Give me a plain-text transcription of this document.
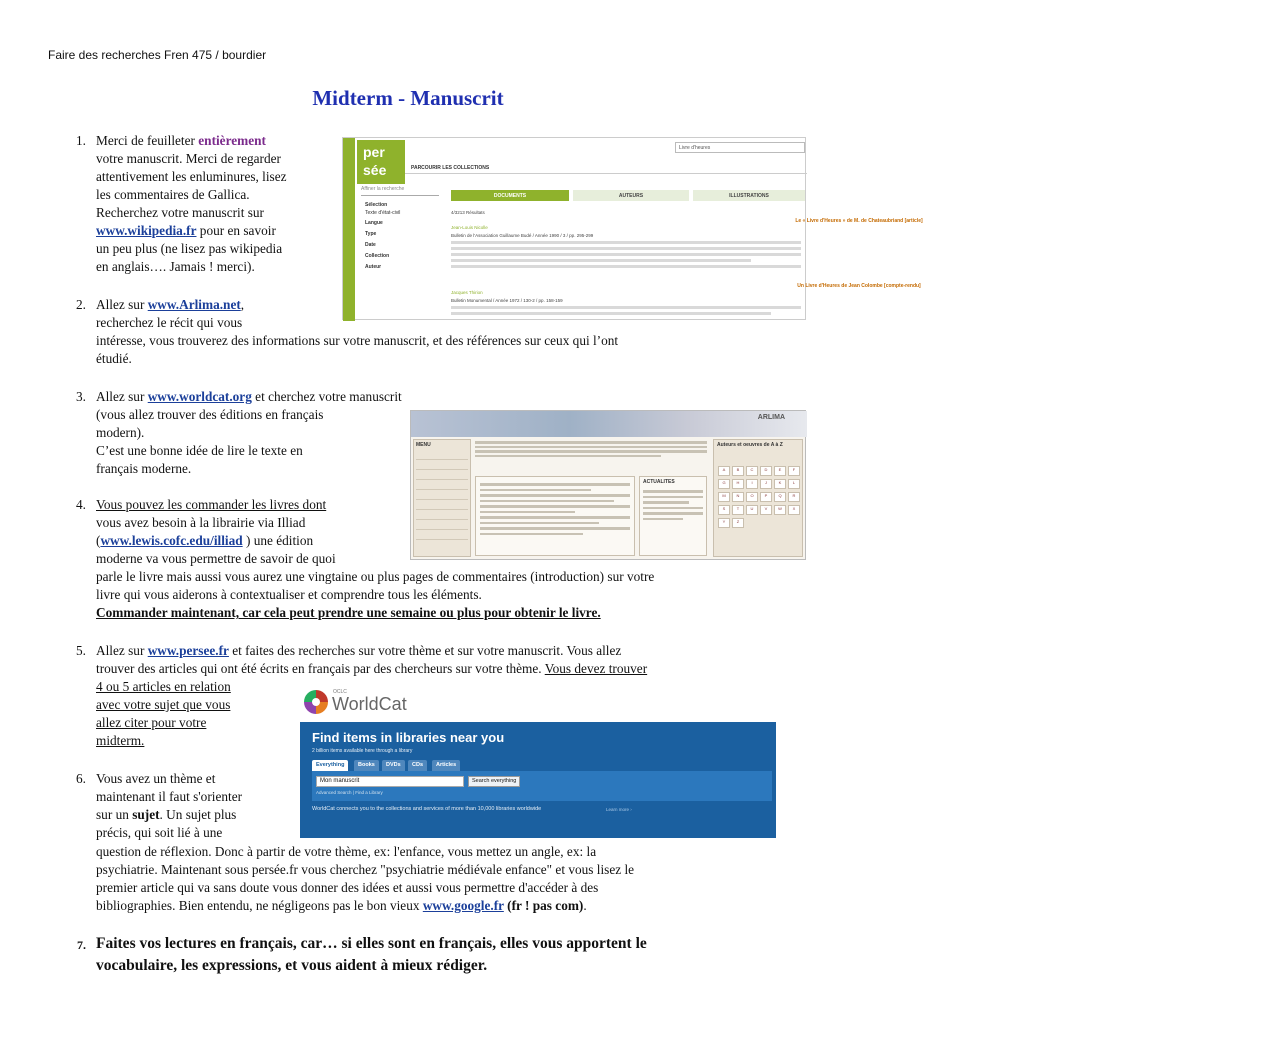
Faire des recherches Fren 475 / bourdier
Midterm - Manuscrit
1. Merci de feuilleter entièrement
votre manuscrit. Merci de regarder
attentivement les enluminures, lisez
les commentaires de Gallica.
Recherchez votre manuscrit sur
www.wikipedia.fr pour en savoir
un peu plus (ne lisez pas wikipedia
en anglais…. Jamais ! merci).
per
sée
Livre d'heures
PARCOURIR LES COLLECTIONS
Affiner la recherche
Sélection
Texte d'état-civil
Langue
Type
Date
Collection
Auteur
DOCUMENTS	AUTEURS	ILLUSTRATIONS
4/3213 Résultats
Le « Livre d'Heures » de M. de Chateaubriand [article]
Jean-Louis Nicolle
Bulletin de l'Association Guillaume Budé / Année 1990 / 3 / pp. 295-299
Un Livre d'Heures de Jean Colombe [compte-rendu]
Jacques Thirion
Bulletin Monumental / Année 1972 / 130-2 / pp. 158-159
2. Allez sur www.Arlima.net,
recherchez le récit qui vous
intéresse, vous trouverez des informations sur votre manuscrit, et des références sur ceux qui l’ont
étudié.
3. Allez sur www.worldcat.org et cherchez votre manuscrit
(vous allez trouver des éditions en français
modern).
C’est une bonne idée de lire le texte en
français moderne.
ARLIMA
MENU
ACTUALITES
Auteurs et oeuvres de A à Z
A	B	C	D	E	F
G	H	I	J	K	L
M	N	O	P	Q	R
S	T	U	V	W	X
Y	Z
4. Vous pouvez les commander les livres dont
vous avez besoin à la librairie via Illiad
(www.lewis.cofc.edu/illiad ) une édition
moderne va vous permettre de savoir de quoi
parle le livre mais aussi vous aurez une vingtaine ou plus pages de commentaires (introduction) sur votre
livre qui vous aiderons à contextualiser et comprendre tous les éléments.
Commander maintenant, car cela peut prendre une semaine ou plus pour obtenir le livre.
5. Allez sur www.persee.fr et faites des recherches sur votre thème et sur votre manuscrit. Vous allez
trouver des articles qui ont été écrits en français par des chercheurs sur votre thème. Vous devez trouver
4 ou 5 articles en relation
avec votre sujet que vous
allez citer pour votre
midterm.
OCLC
WorldCat
Find items in libraries near you
2 billion items available here through a library
Everything	Books	DVDs	CDs	Articles
Mon manuscrit	Search everything
Advanced Search | Find a Library
WorldCat connects you to the collections and services of more than 10,000 libraries worldwide	Learn more ›
6. Vous avez un thème et
maintenant il faut s'orienter
sur un sujet. Un sujet plus
précis, qui soit lié à une
question de réflexion. Donc à partir de votre thème, ex: l'enfance, vous mettez un angle, ex: la
psychiatrie. Maintenant sous persée.fr vous cherchez "psychiatrie médiévale enfance" et vous lisez le
premier article qui va sans doute vous donner des idées et aussi vous permettre d'accéder à des
bibliographies. Bien entendu, ne négligeons pas le bon vieux www.google.fr (fr ! pas com).
7. Faites vos lectures en français, car… si elles sont en français, elles vous apportent le
vocabulaire, les expressions, et vous aident à mieux rédiger.
